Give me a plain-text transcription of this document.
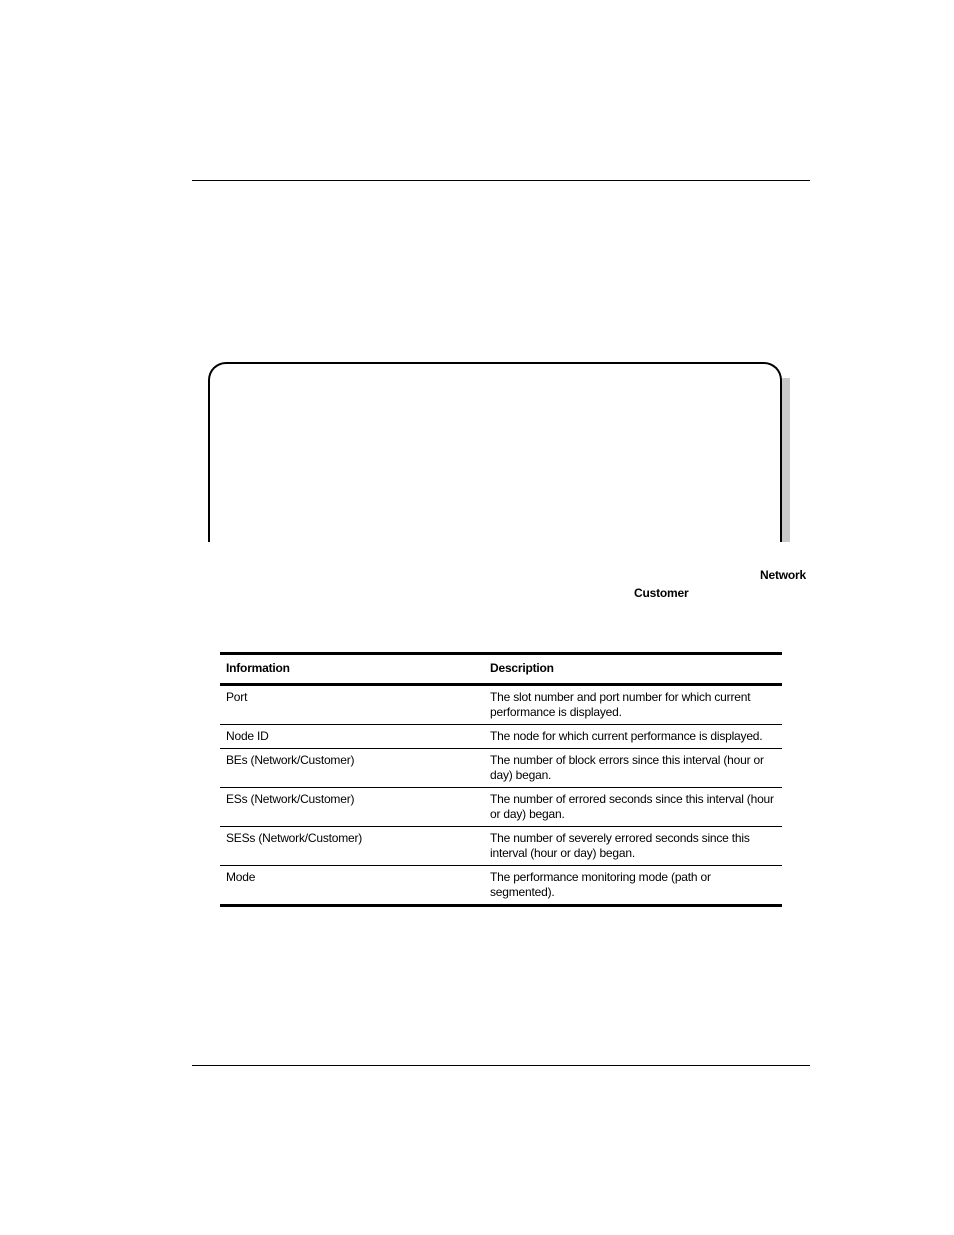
Network
Customer
Information	Description
Port	The slot number and port number for which current performance is displayed.
Node ID	The node for which current performance is displayed.
BEs (Network/Customer)	The number of block errors since this interval (hour or day) began.
ESs (Network/Customer)	The number of errored seconds since this interval (hour or day) began.
SESs (Network/Customer)	The number of severely errored seconds since this interval (hour or day) began.
Mode	The performance monitoring mode (path or segmented).
